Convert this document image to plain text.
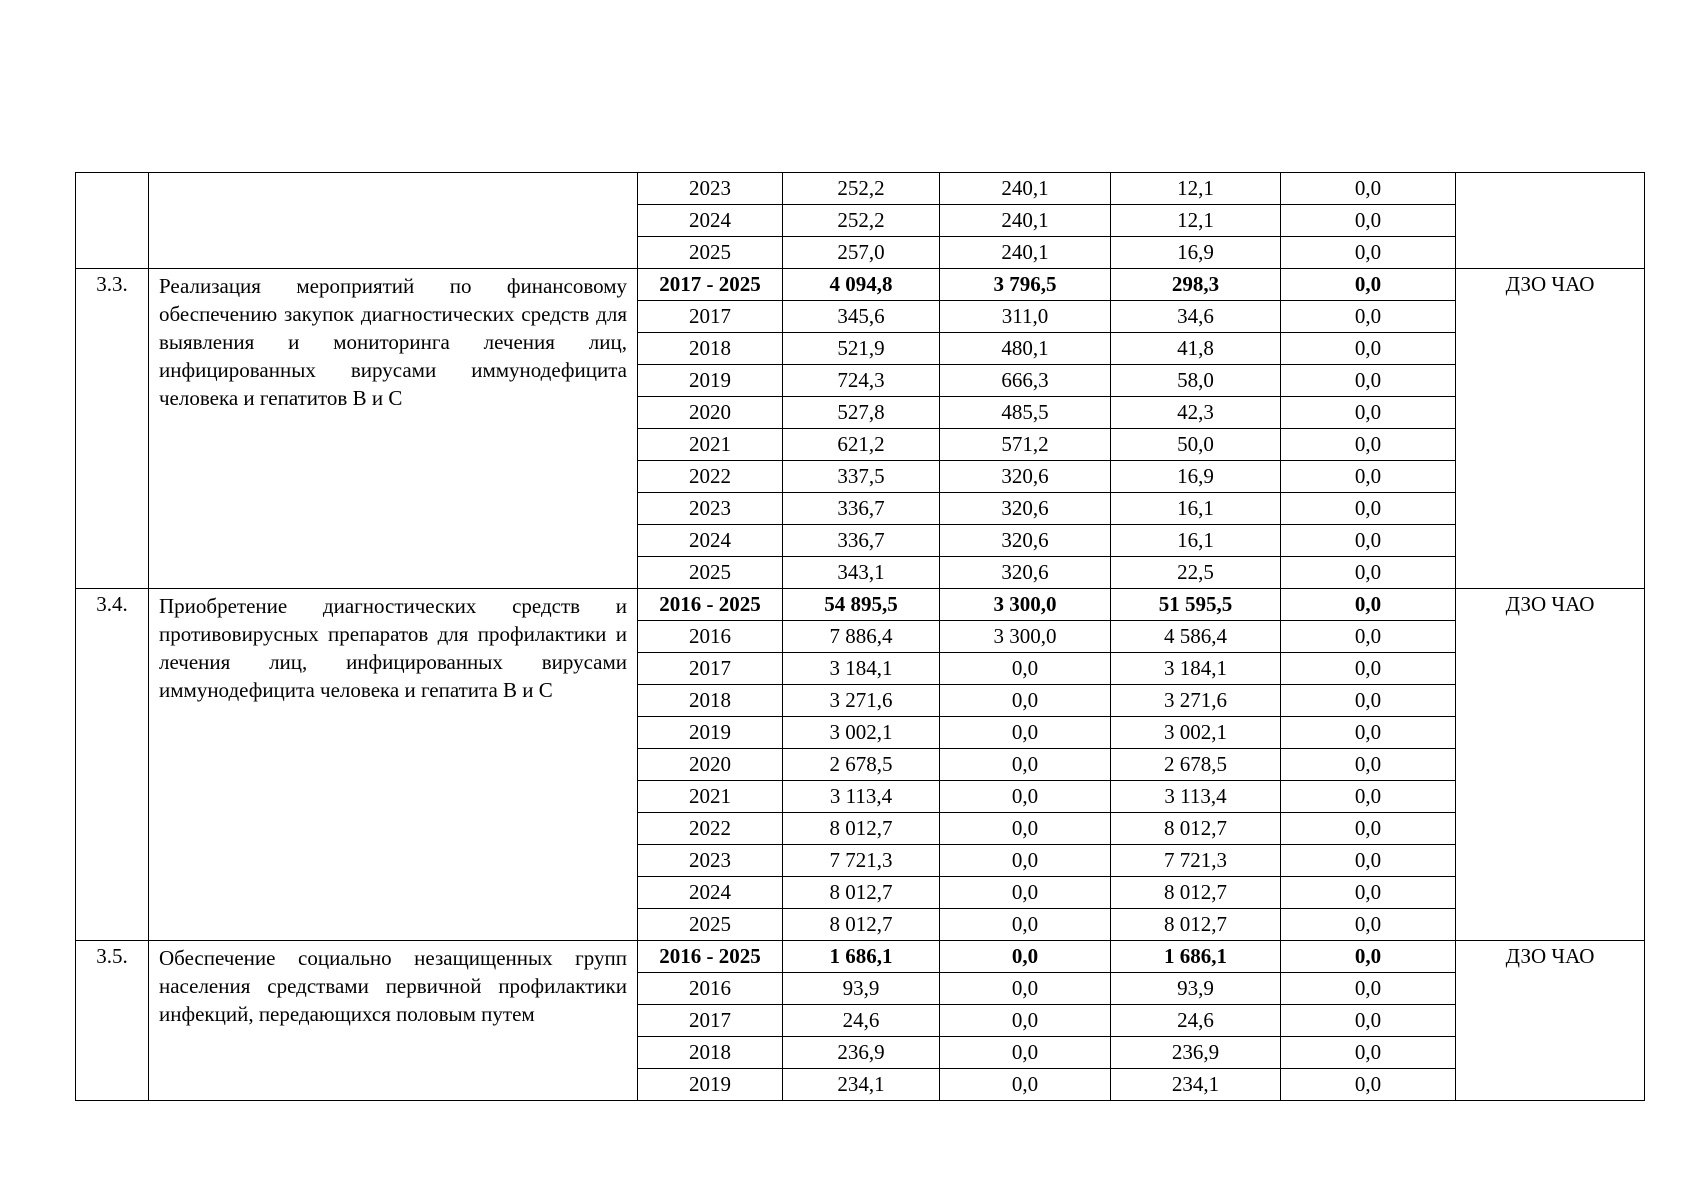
		2023	252,2	240,1	12,1	0,0	
		2024	252,2	240,1	12,1	0,0	
		2025	257,0	240,1	16,9	0,0	
3.3.	Реализация мероприятий по финансовому обеспечению закупок диагностических средств для выявления и мониторинга лечения лиц, инфицированных вирусами иммунодефицита человека и гепатитов В и С	2017 - 2025	4 094,8	3 796,5	298,3	0,0	ДЗО ЧАО
		2017	345,6	311,0	34,6	0,0	
		2018	521,9	480,1	41,8	0,0	
		2019	724,3	666,3	58,0	0,0	
		2020	527,8	485,5	42,3	0,0	
		2021	621,2	571,2	50,0	0,0	
		2022	337,5	320,6	16,9	0,0	
		2023	336,7	320,6	16,1	0,0	
		2024	336,7	320,6	16,1	0,0	
		2025	343,1	320,6	22,5	0,0	
3.4.	Приобретение диагностических средств и противовирусных препаратов для профилактики и лечения лиц, инфицированных вирусами иммунодефицита человека и гепатита В и С	2016 - 2025	54 895,5	3 300,0	51 595,5	0,0	ДЗО ЧАО
		2016	7 886,4	3 300,0	4 586,4	0,0	
		2017	3 184,1	0,0	3 184,1	0,0	
		2018	3 271,6	0,0	3 271,6	0,0	
		2019	3 002,1	0,0	3 002,1	0,0	
		2020	2 678,5	0,0	2 678,5	0,0	
		2021	3 113,4	0,0	3 113,4	0,0	
		2022	8 012,7	0,0	8 012,7	0,0	
		2023	7 721,3	0,0	7 721,3	0,0	
		2024	8 012,7	0,0	8 012,7	0,0	
		2025	8 012,7	0,0	8 012,7	0,0	
3.5.	Обеспечение социально незащищенных групп населения средствами первичной профилактики инфекций, передающихся половым путем	2016 - 2025	1 686,1	0,0	1 686,1	0,0	ДЗО ЧАО
		2016	93,9	0,0	93,9	0,0	
		2017	24,6	0,0	24,6	0,0	
		2018	236,9	0,0	236,9	0,0	
		2019	234,1	0,0	234,1	0,0	
